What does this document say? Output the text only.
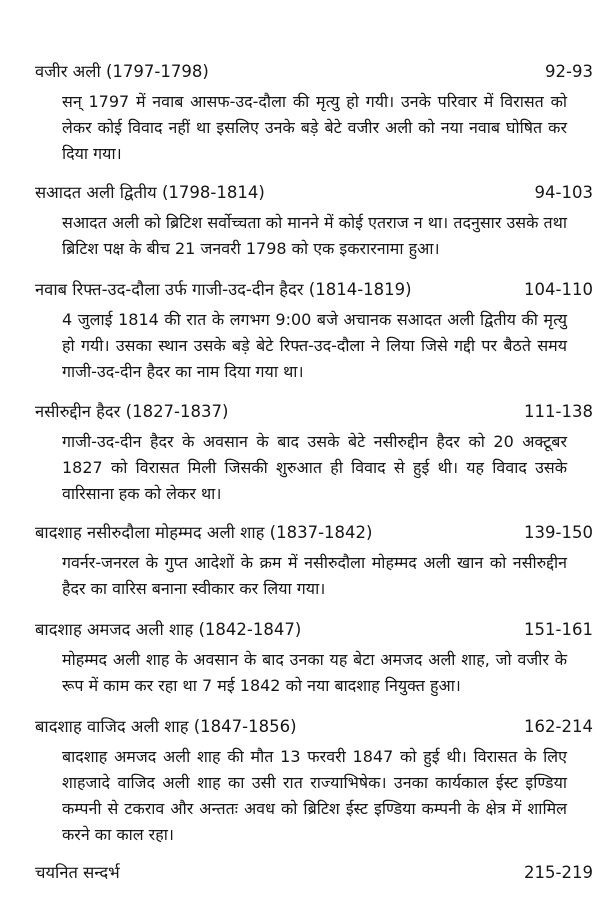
वजीर अली (1797-1798)	92-93
सन् 1797 में नवाब आसफ-उद-दौला की मृत्यु हो गयी। उनके परिवार में विरासत को लेकर कोई विवाद नहीं था इसलिए उनके बड़े बेटे वजीर अली को नया नवाब घोषित कर दिया गया।
सआदत अली द्वितीय (1798-1814)	94-103
सआदत अली को ब्रिटिश सर्वोच्चता को मानने में कोई एतराज न था। तदनुसार उसके तथा ब्रिटिश पक्ष के बीच 21 जनवरी 1798 को एक इकरारनामा हुआ।
नवाब रिफ्त-उद-दौला उर्फ गाजी-उद-दीन हैदर (1814-1819)	104-110
4 जुलाई 1814 की रात के लगभग 9:00 बजे अचानक सआदत अली द्वितीय की मृत्यु हो गयी। उसका स्थान उसके बड़े बेटे रिफ्त-उद-दौला ने लिया जिसे गद्दी पर बैठते समय गाजी-उद-दीन हैदर का नाम दिया गया था।
नसीरुद्दीन हैदर (1827-1837)	111-138
गाजी-उद-दीन हैदर के अवसान के बाद उसके बेटे नसीरुद्दीन हैदर को 20 अक्टूबर 1827 को विरासत मिली जिसकी शुरुआत ही विवाद से हुई थी। यह विवाद उसके वारिसाना हक को लेकर था।
बादशाह नसीरुदौला मोहम्मद अली शाह (1837-1842)	139-150
गवर्नर-जनरल के गुप्त आदेशों के क्रम में नसीरुदौला मोहम्मद अली खान को नसीरुद्दीन हैदर का वारिस बनाना स्वीकार कर लिया गया।
बादशाह अमजद अली शाह (1842-1847)	151-161
मोहम्मद अली शाह के अवसान के बाद उनका यह बेटा अमजद अली शाह, जो वजीर के रूप में काम कर रहा था 7 मई 1842 को नया बादशाह नियुक्त हुआ।
बादशाह वाजिद अली शाह (1847-1856)	162-214
बादशाह अमजद अली शाह की मौत 13 फरवरी 1847 को हुई थी। विरासत के लिए शाहजादे वाजिद अली शाह का उसी रात राज्याभिषेक। उनका कार्यकाल ईस्ट इण्डिया कम्पनी से टकराव और अन्ततः अवध को ब्रिटिश ईस्ट इण्डिया कम्पनी के क्षेत्र में शामिल करने का काल रहा।
चयनित सन्दर्भ	215-219
